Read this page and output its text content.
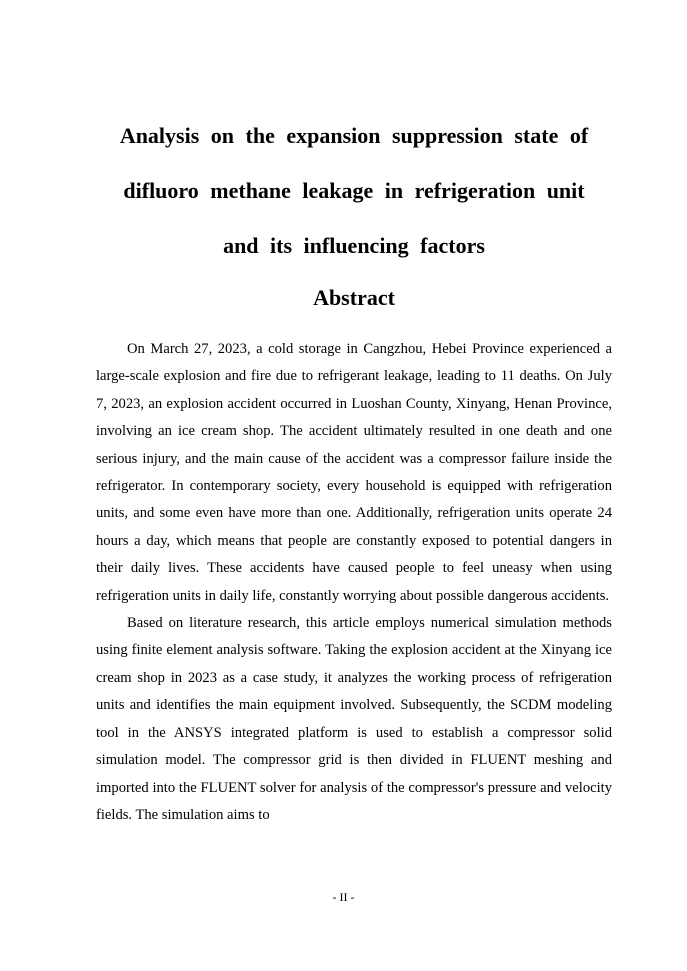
Analysis on the expansion suppression state of
difluoro methane leakage in refrigeration unit
and its influencing factors
Abstract

On March 27, 2023, a cold storage in Cangzhou, Hebei Province experienced a large-scale explosion and fire due to refrigerant leakage, leading to 11 deaths. On July 7, 2023, an explosion accident occurred in Luoshan County, Xinyang, Henan Province, involving an ice cream shop. The accident ultimately resulted in one death and one serious injury, and the main cause of the accident was a compressor failure inside the refrigerator. In contemporary society, every household is equipped with refrigeration units, and some even have more than one. Additionally, refrigeration units operate 24 hours a day, which means that people are constantly exposed to potential dangers in their daily lives. These accidents have caused people to feel uneasy when using refrigeration units in daily life, constantly worrying about possible dangerous accidents.

Based on literature research, this article employs numerical simulation methods using finite element analysis software. Taking the explosion accident at the Xinyang ice cream shop in 2023 as a case study, it analyzes the working process of refrigeration units and identifies the main equipment involved. Subsequently, the SCDM modeling tool in the ANSYS integrated platform is used to establish a compressor solid simulation model. The compressor grid is then divided in FLUENT meshing and imported into the FLUENT solver for analysis of the compressor's pressure and velocity fields. The simulation aims to

- II -
